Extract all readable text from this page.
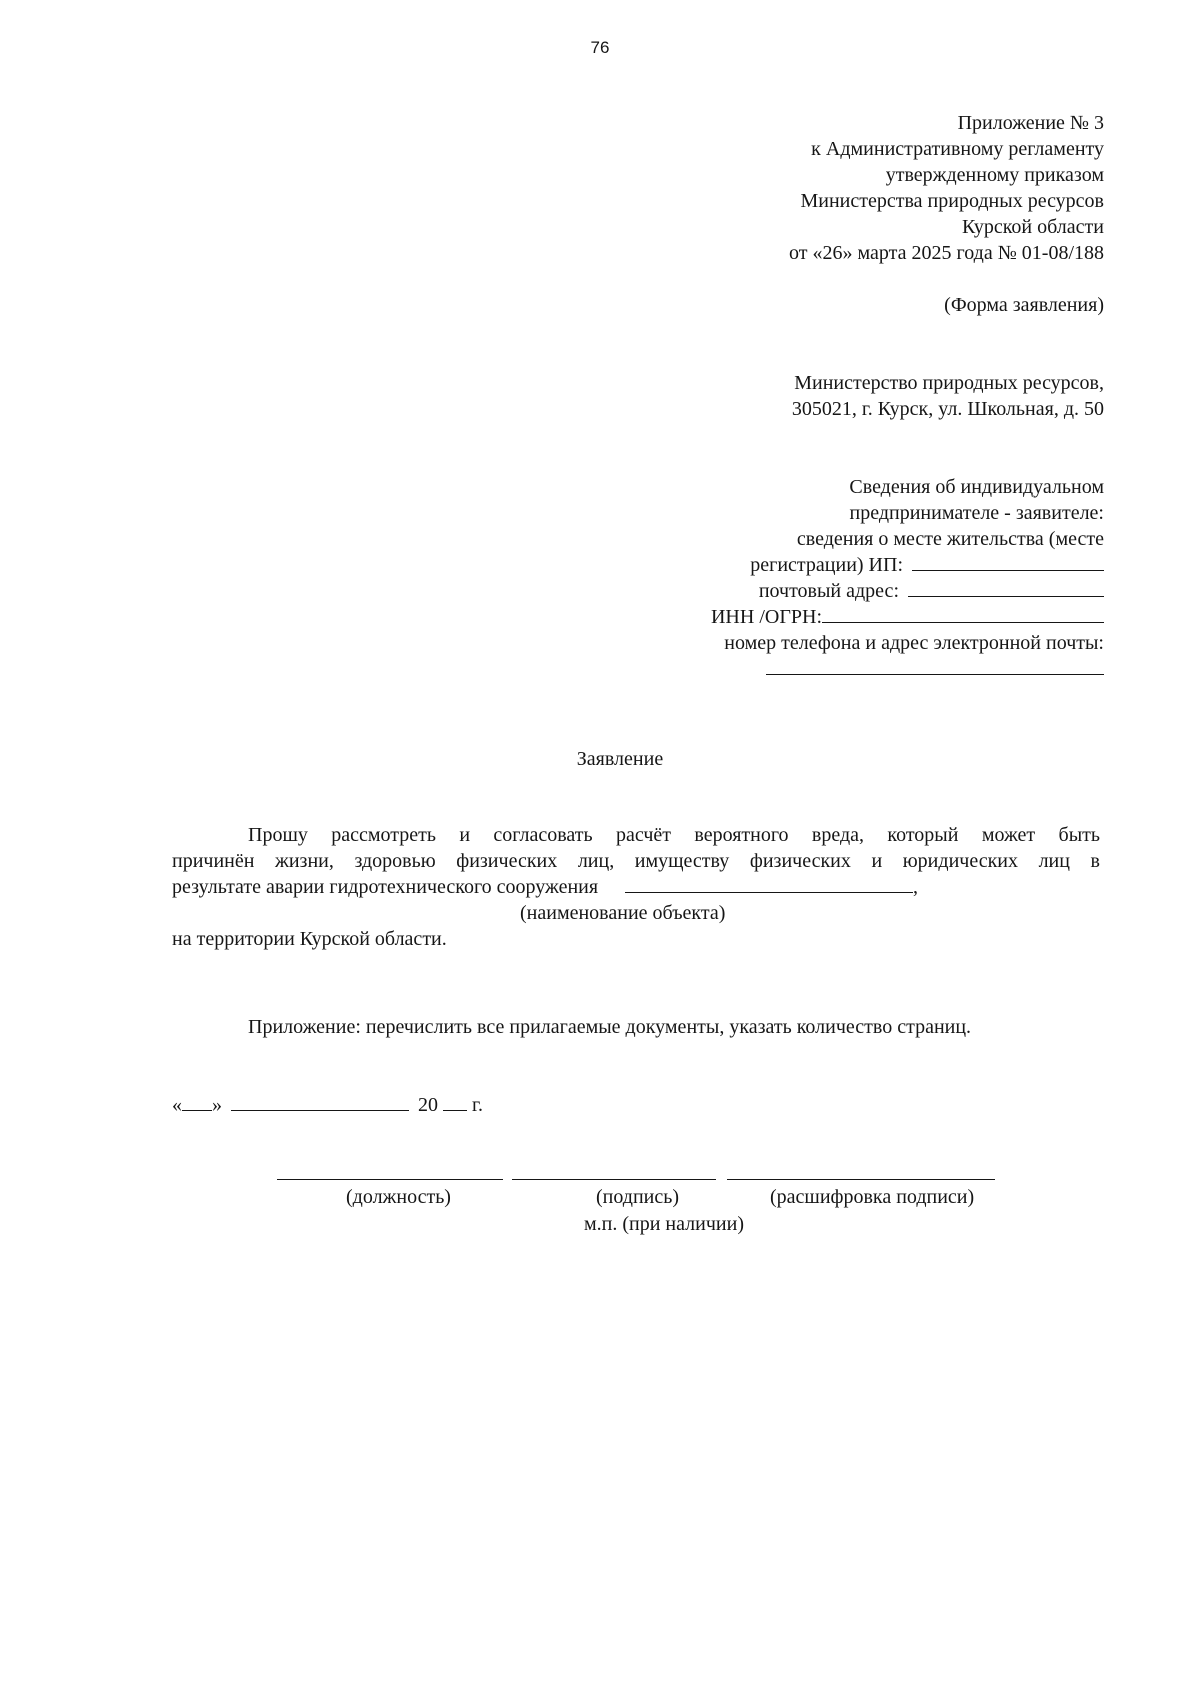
76
Приложение № 3
к Административному регламенту
утвержденному приказом
Министерства природных ресурсов
Курской области
от «26» марта 2025 года № 01-08/188
(Форма заявления)
Министерство природных ресурсов,
305021, г. Курск, ул. Школьная, д. 50
Сведения об индивидуальном
предпринимателе - заявителе:
сведения о месте жительства (месте
регистрации) ИП:
почтовый адрес:
ИНН /ОГРН:
номер телефона и адрес электронной почты:
Заявление
Прошу рассмотреть и согласовать расчёт вероятного вреда, который может быть
причинён жизни, здоровью физических лиц, имуществу физических и юридических лиц в
результате аварии гидротехнического сооружения	,
(наименование объекта)
на территории Курской области.
Приложение: перечислить все прилагаемые документы, указать количество страниц.
« »	20 г.
(должность)	(подпись)	(расшифровка подписи)
м.п. (при наличии)
